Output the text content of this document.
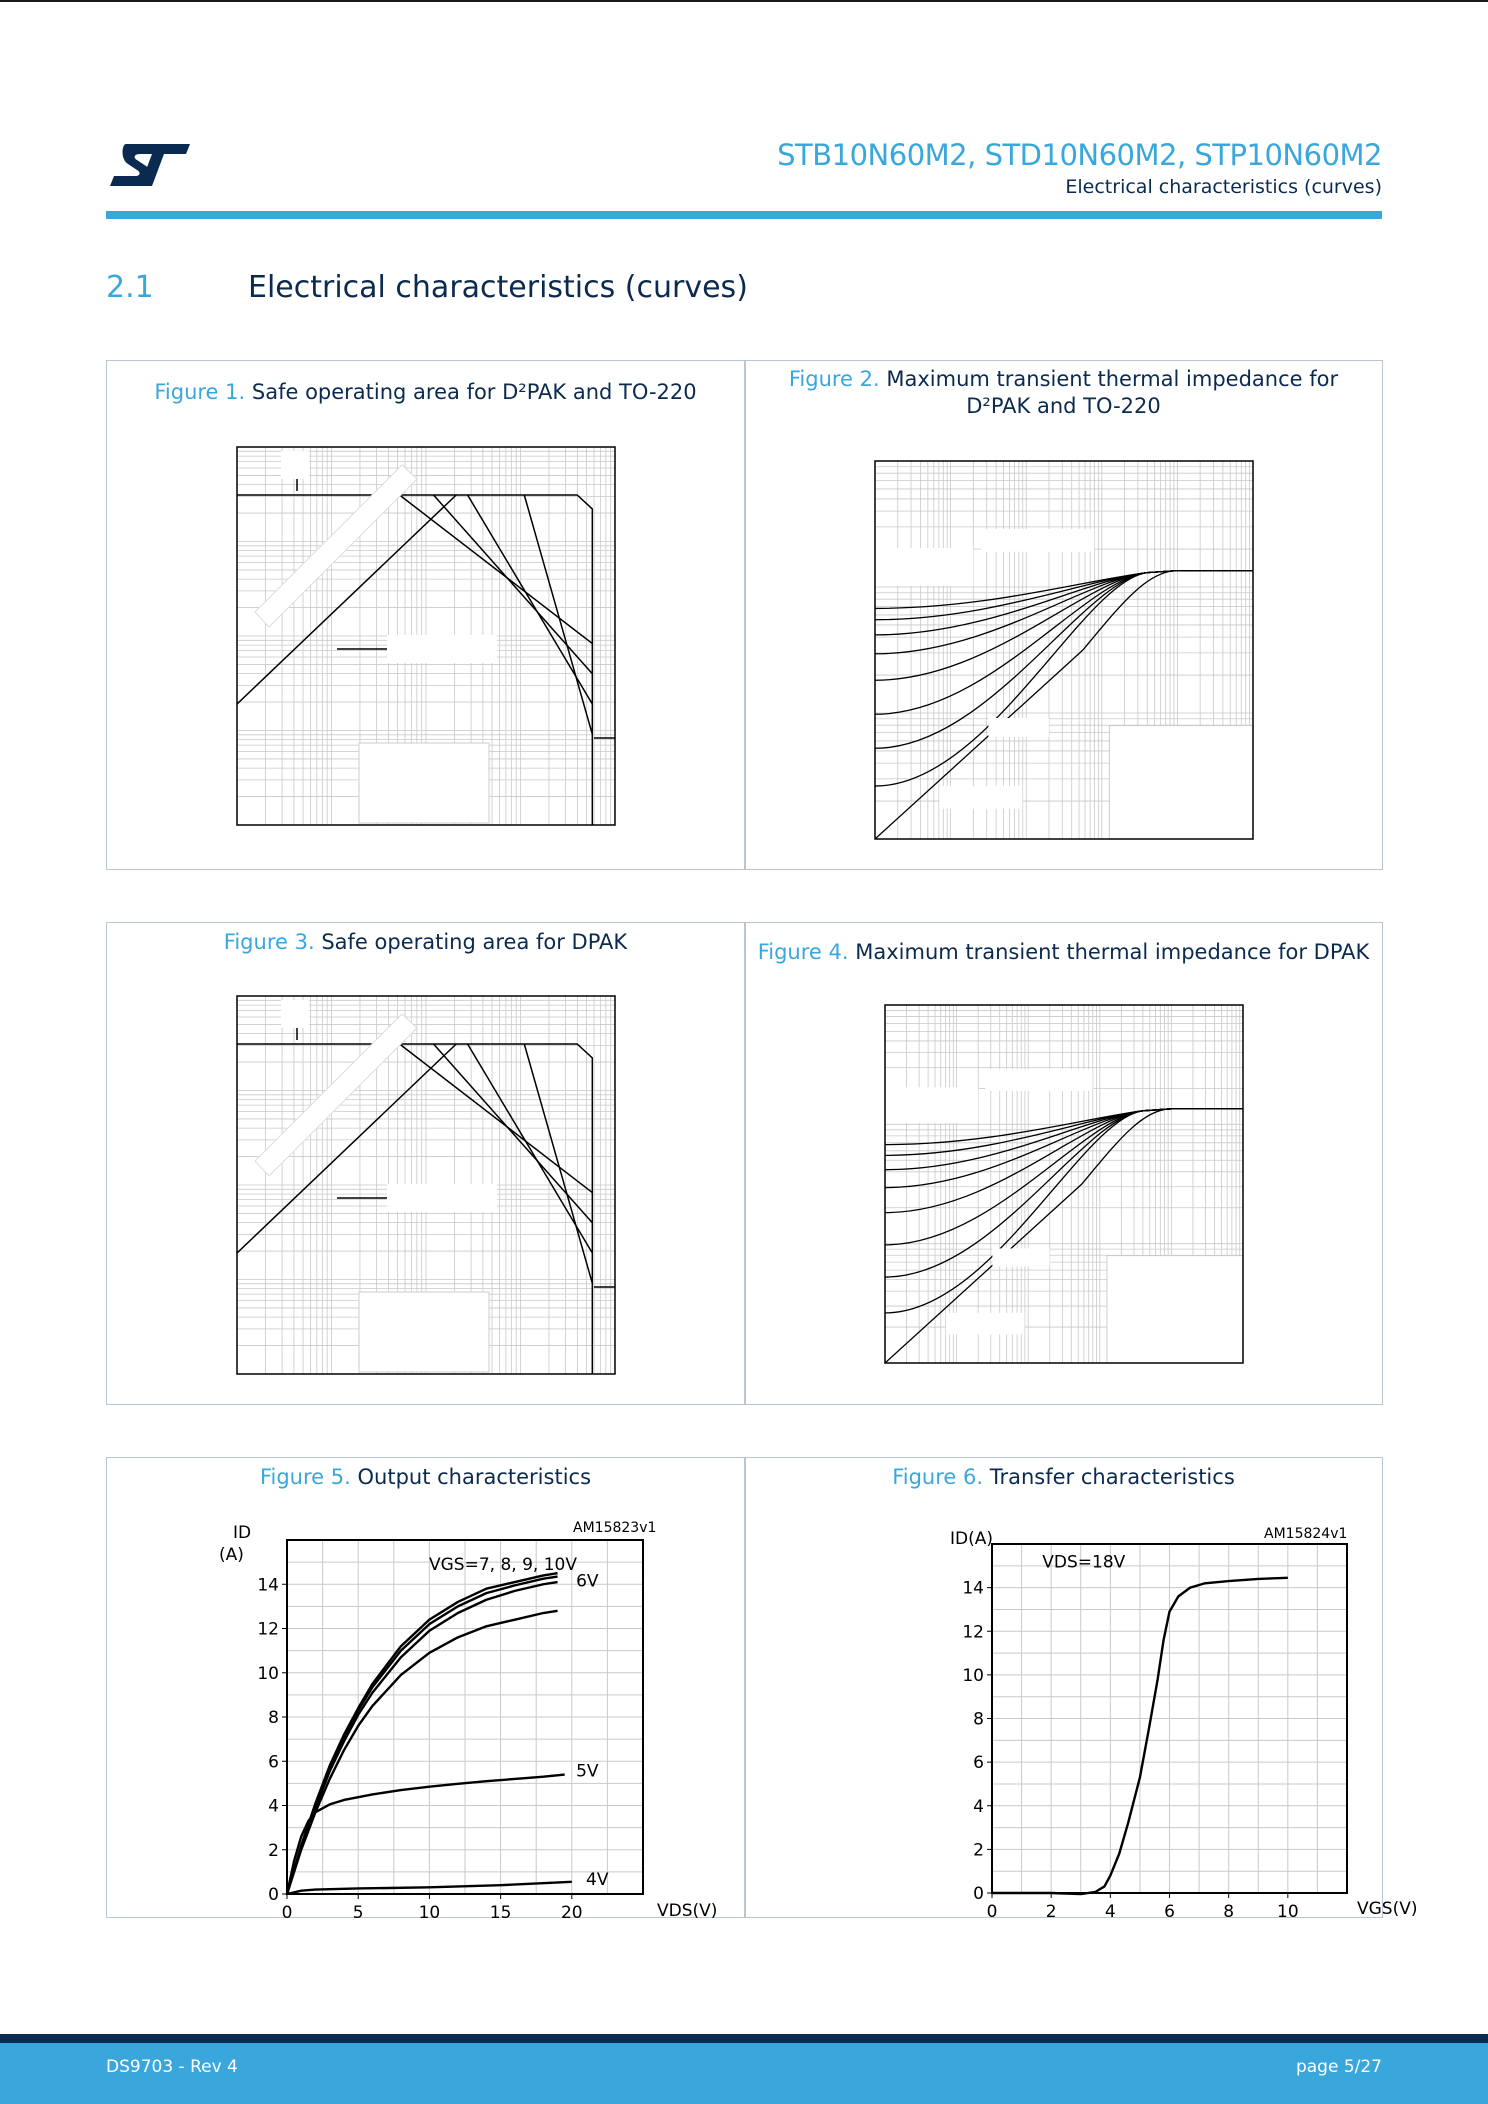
STB10N60M2, STD10N60M2, STP10N60M2
Electrical characteristics (curves)
2.1	Electrical characteristics (curves)
Figure 1. Safe operating area for D²PAK and TO-220
Figure 2. Maximum transient thermal impedance for
D²PAK and TO-220
Figure 3. Safe operating area for DPAK	Figure 4. Maximum transient thermal impedance for DPAK
Figure 5. Output characteristics	Figure 6. Transfer characteristics
0	5	10	15	20
0
2
4
6
8
10
12
14
AM15823v1
ID
(A)
VDS(V)
VGS=7, 8, 9, 10V
6V
5V
4V
0	2	4	6	8	10
0
2
4
6
8
10
12
14
AM15824v1
ID(A)
VGS(V)
VDS=18V
DS9703 - Rev 4	page 5/27
